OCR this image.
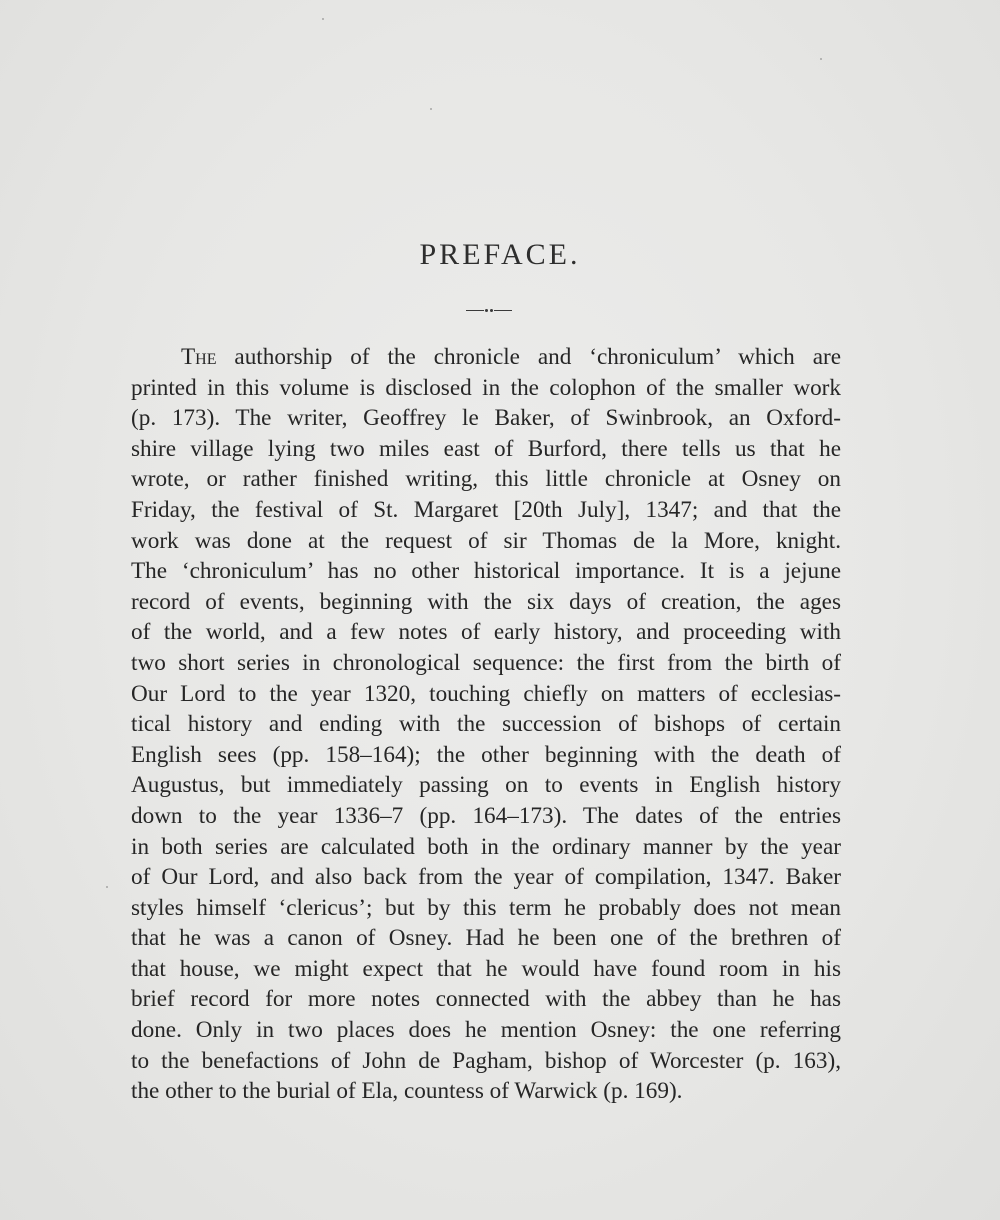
PREFACE.
The authorship of the chronicle and ‘chroniculum’ which are
printed in this volume is disclosed in the colophon of the smaller work
(p. 173). The writer, Geoffrey le Baker, of Swinbrook, an Oxford-
shire village lying two miles east of Burford, there tells us that he
wrote, or rather finished writing, this little chronicle at Osney on
Friday, the festival of St. Margaret [20th July], 1347; and that the
work was done at the request of sir Thomas de la More, knight.
The ‘chroniculum’ has no other historical importance. It is a jejune
record of events, beginning with the six days of creation, the ages
of the world, and a few notes of early history, and proceeding with
two short series in chronological sequence: the first from the birth of
Our Lord to the year 1320, touching chiefly on matters of ecclesias-
tical history and ending with the succession of bishops of certain
English sees (pp. 158–164); the other beginning with the death of
Augustus, but immediately passing on to events in English history
down to the year 1336–7 (pp. 164–173). The dates of the entries
in both series are calculated both in the ordinary manner by the year
of Our Lord, and also back from the year of compilation, 1347. Baker
styles himself ‘clericus’; but by this term he probably does not mean
that he was a canon of Osney. Had he been one of the brethren of
that house, we might expect that he would have found room in his
brief record for more notes connected with the abbey than he has
done. Only in two places does he mention Osney: the one referring
to the benefactions of John de Pagham, bishop of Worcester (p. 163),
the other to the burial of Ela, countess of Warwick (p. 169).
